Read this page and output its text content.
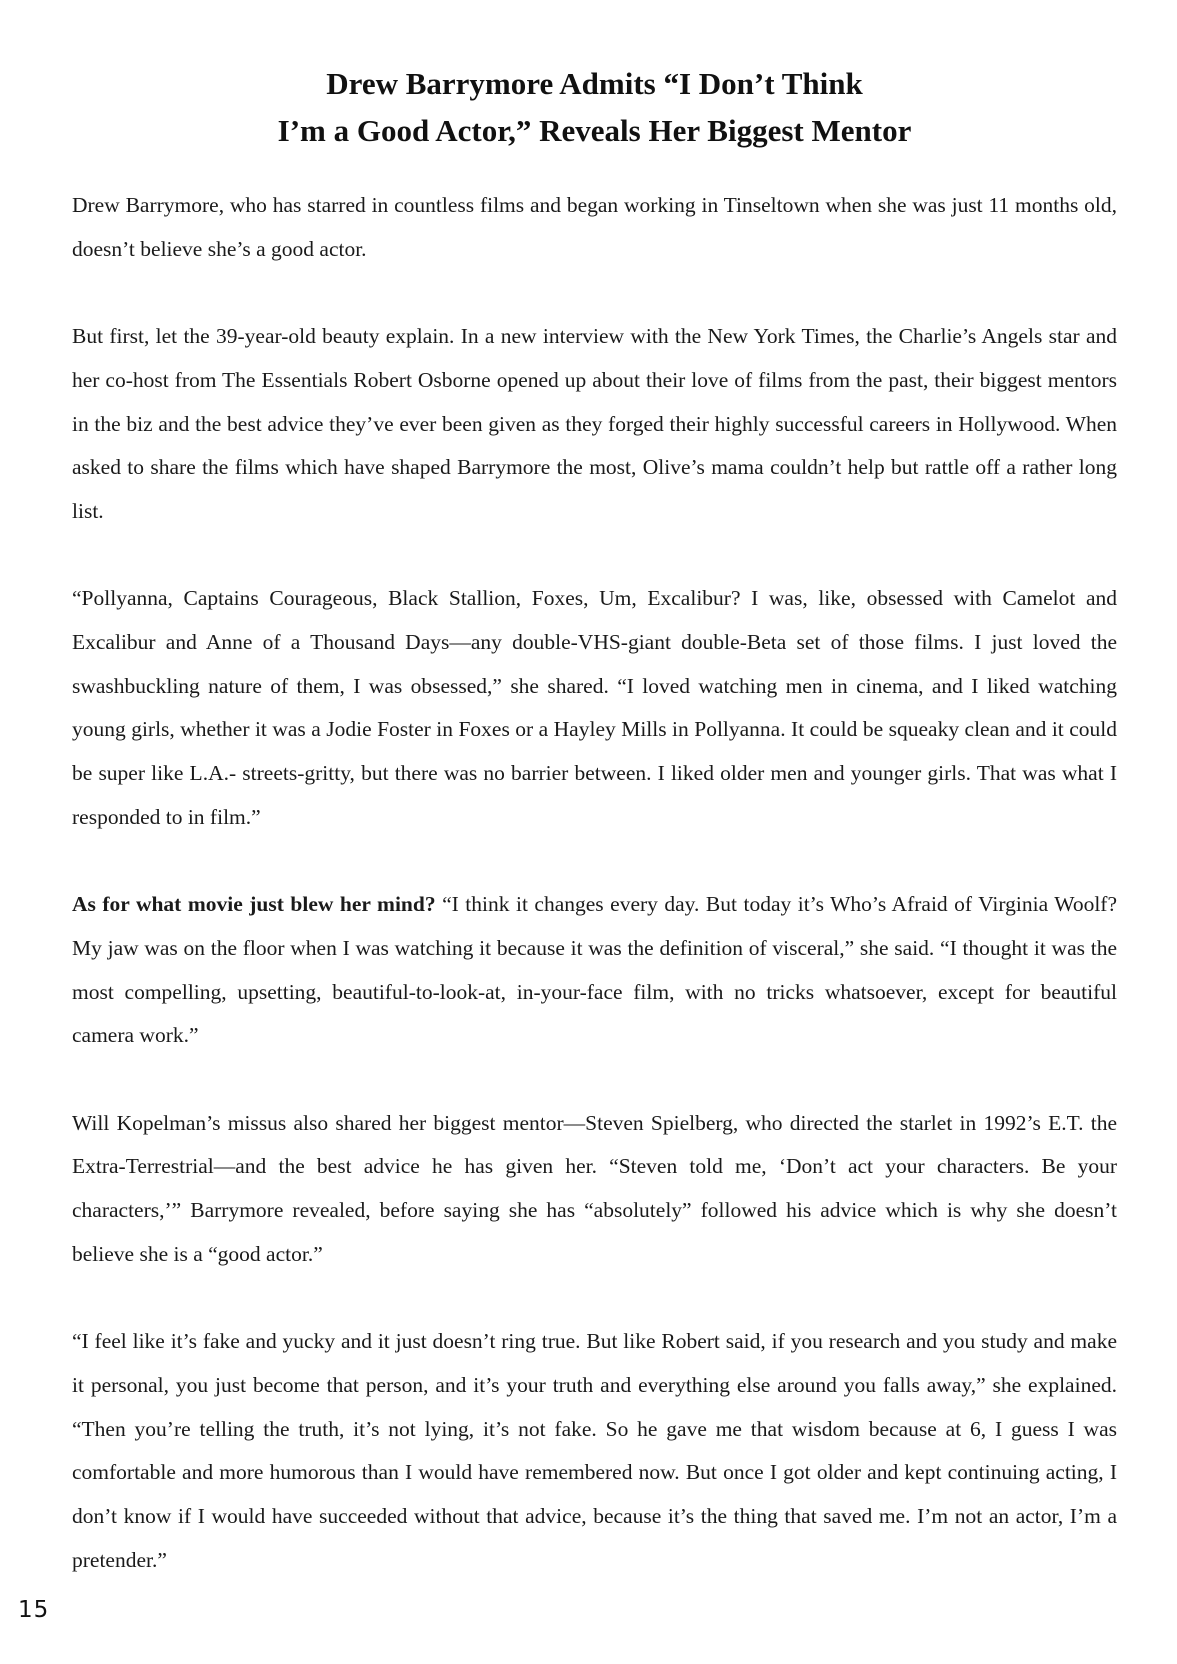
Drew Barrymore Admits “I Don’t Think
I’m a Good Actor,” Reveals Her Biggest Mentor

Drew Barrymore, who has starred in countless films and began working in Tinseltown when she was just 11 months old, doesn’t believe she’s a good actor.

But first, let the 39-year-old beauty explain. In a new interview with the New York Times, the Charlie’s Angels star and her co-host from The Essentials Robert Osborne opened up about their love of films from the past, their biggest mentors in the biz and the best advice they’ve ever been given as they forged their highly successful careers in Hollywood. When asked to share the films which have shaped Barrymore the most, Olive’s mama couldn’t help but rattle off a rather long list.

“Pollyanna, Captains Courageous, Black Stallion, Foxes, Um, Excalibur? I was, like, obsessed with Camelot and Excalibur and Anne of a Thousand Days—any double-VHS-giant double-Beta set of those films. I just loved the swashbuckling nature of them, I was obsessed,” she shared. “I loved watching men in cinema, and I liked watching young girls, whether it was a Jodie Foster in Foxes or a Hayley Mills in Pollyanna. It could be squeaky clean and it could be super like L.A.- streets-gritty, but there was no barrier between. I liked older men and younger girls. That was what I responded to in film.”

As for what movie just blew her mind? “I think it changes every day. But today it’s Who’s Afraid of Virginia Woolf? My jaw was on the floor when I was watching it because it was the definition of visceral,” she said. “I thought it was the most compelling, upsetting, beautiful-to-look-at, in-your-face film, with no tricks whatsoever, except for beautiful camera work.”

Will Kopelman’s missus also shared her biggest mentor—Steven Spielberg, who directed the starlet in 1992’s E.T. the Extra-Terrestrial—and the best advice he has given her. “Steven told me, ‘Don’t act your characters. Be your characters,’” Barrymore revealed, before saying she has “absolutely” followed his advice which is why she doesn’t believe she is a “good actor.”

“I feel like it’s fake and yucky and it just doesn’t ring true. But like Robert said, if you research and you study and make it personal, you just become that person, and it’s your truth and everything else around you falls away,” she explained. “Then you’re telling the truth, it’s not lying, it’s not fake. So he gave me that wisdom because at 6, I guess I was comfortable and more humorous than I would have remembered now. But once I got older and kept continuing acting, I don’t know if I would have succeeded without that advice, because it’s the thing that saved me. I’m not an actor, I’m a pretender.”

15
